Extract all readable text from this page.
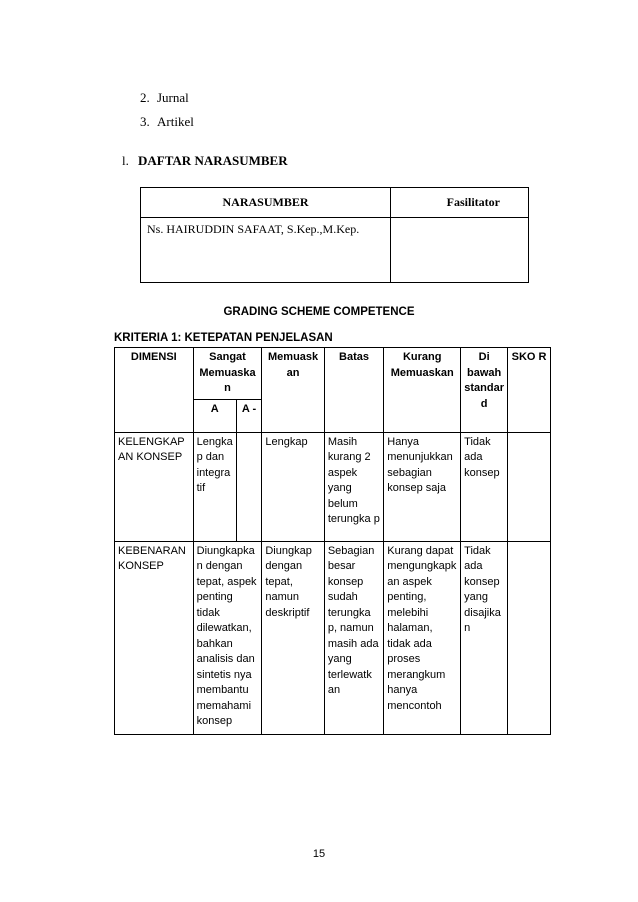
2. Jurnal
3. Artikel
l. DAFTAR NARASUMBER
NARASUMBER	Fasilitator
Ns. HAIRUDDIN SAFAAT, S.Kep.,M.Kep.	
GRADING SCHEME COMPETENCE
KRITERIA 1: KETEPATAN PENJELASAN
DIMENSI	Sangat Memuaska n		Memuask an	Batas	Kurang Memuaskan	Di bawah standar d	SKO R
	A	A -					
KELENGKAP AN KONSEP	Lengka p dan integra tif		Lengkap	Masih kurang 2 aspek yang belum terungka p	Hanya menunjukkan sebagian konsep saja	Tidak ada konsep	
KEBENARAN KONSEP	Diungkapka n dengan tepat, aspek penting tidak dilewatkan, bahkan analisis dan sintetis nya membantu memahami konsep		Diungkap dengan tepat, namun deskriptif	Sebagian besar konsep sudah terungka p, namun masih ada yang terlewatk an	Kurang dapat mengungkapk an aspek penting, melebihi halaman, tidak ada proses merangkum hanya mencontoh	Tidak ada konsep yang disajika n	
15
